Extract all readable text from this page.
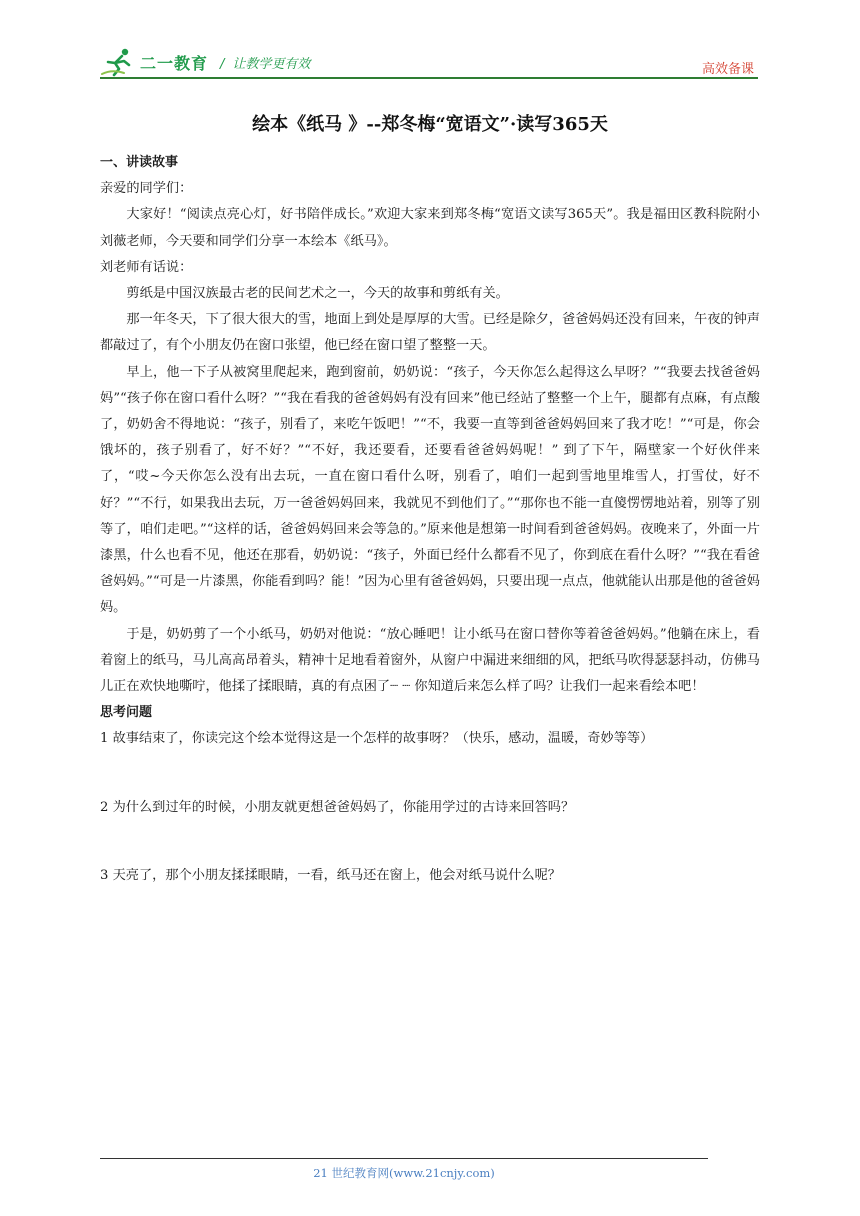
二一教育 / 让教学更有效	高效备课
绘本《纸马 》--郑冬梅“宽语文”·读写365天

一、讲读故事

亲爱的同学们：

大家好！“阅读点亮心灯，好书陪伴成长。”欢迎大家来到郑冬梅“宽语文读写365天”。我是福田区教科院附小刘薇老师，今天要和同学们分享一本绘本《纸马》。

刘老师有话说：

剪纸是中国汉族最古老的民间艺术之一，今天的故事和剪纸有关。

那一年冬天，下了很大很大的雪，地面上到处是厚厚的大雪。已经是除夕，爸爸妈妈还没有回来，午夜的钟声都敲过了，有个小朋友仍在窗口张望，他已经在窗口望了整整一天。

早上，他一下子从被窝里爬起来，跑到窗前，奶奶说：“孩子，今天你怎么起得这么早呀？”“我要去找爸爸妈妈”“孩子你在窗口看什么呀？”“我在看我的爸爸妈妈有没有回来”他已经站了整整一个上午，腿都有点麻，有点酸了，奶奶舍不得地说：“孩子，别看了，来吃午饭吧！”“不，我要一直等到爸爸妈妈回来了我才吃！”“可是，你会饿坏的，孩子别看了，好不好？”“不好，我还要看，还要看爸爸妈妈呢！” 到了下午，隔壁家一个好伙伴来了，“哎~今天你怎么没有出去玩，一直在窗口看什么呀，别看了，咱们一起到雪地里堆雪人，打雪仗，好不好？”“不行，如果我出去玩，万一爸爸妈妈回来，我就见不到他们了。”“那你也不能一直傻愣愣地站着，别等了别等了，咱们走吧。”“这样的话，爸爸妈妈回来会等急的。”原来他是想第一时间看到爸爸妈妈。夜晚来了，外面一片漆黑，什么也看不见，他还在那看，奶奶说：“孩子，外面已经什么都看不见了，你到底在看什么呀？”“我在看爸爸妈妈。”“可是一片漆黑，你能看到吗？能！”因为心里有爸爸妈妈，只要出现一点点，他就能认出那是他的爸爸妈妈。

于是，奶奶剪了一个小纸马，奶奶对他说：“放心睡吧！让小纸马在窗口替你等着爸爸妈妈。”他躺在床上，看着窗上的纸马，马儿高高昂着头，精神十足地看着窗外，从窗户中漏进来细细的风，把纸马吹得瑟瑟抖动，仿佛马儿正在欢快地嘶咛，他揉了揉眼睛，真的有点困了┈ ┈ 你知道后来怎么样了吗？让我们一起来看绘本吧！

思考问题

1 故事结束了，你读完这个绘本觉得这是一个怎样的故事呀？（快乐，感动，温暖，奇妙等等）

2 为什么到过年的时候，小朋友就更想爸爸妈妈了，你能用学过的古诗来回答吗？

3 天亮了，那个小朋友揉揉眼睛，一看，纸马还在窗上，他会对纸马说什么呢？

21 世纪教育网(www.21cnjy.com)
